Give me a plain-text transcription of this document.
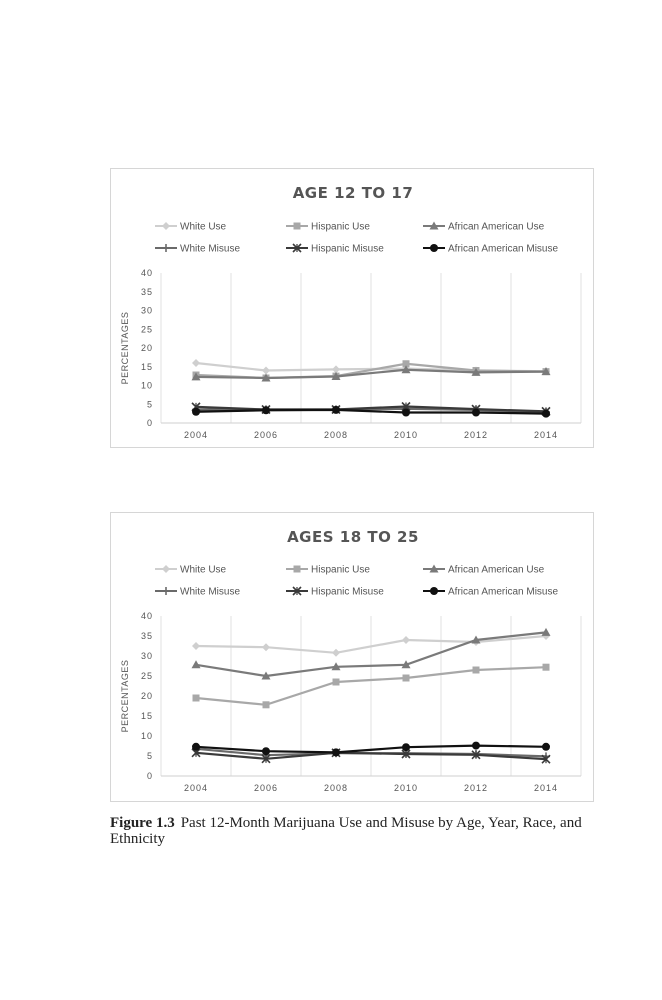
AGE 12 TO 17
White Use	Hispanic Use	African American Use
White Misuse	Hispanic Misuse	African American Misuse
0
5
10
15
20
25
30
35
40
PERCENTAGES
2004	2006	2008	2010	2012	2014
AGES 18 TO 25
White Use	Hispanic Use	African American Use
White Misuse	Hispanic Misuse	African American Misuse
0
5
10
15
20
25
30
35
40
PERCENTAGES
2004	2006	2008	2010	2012	2014
Figure 1.3 Past 12-Month Marijuana Use and Misuse by Age, Year, Race, and Ethnicity
